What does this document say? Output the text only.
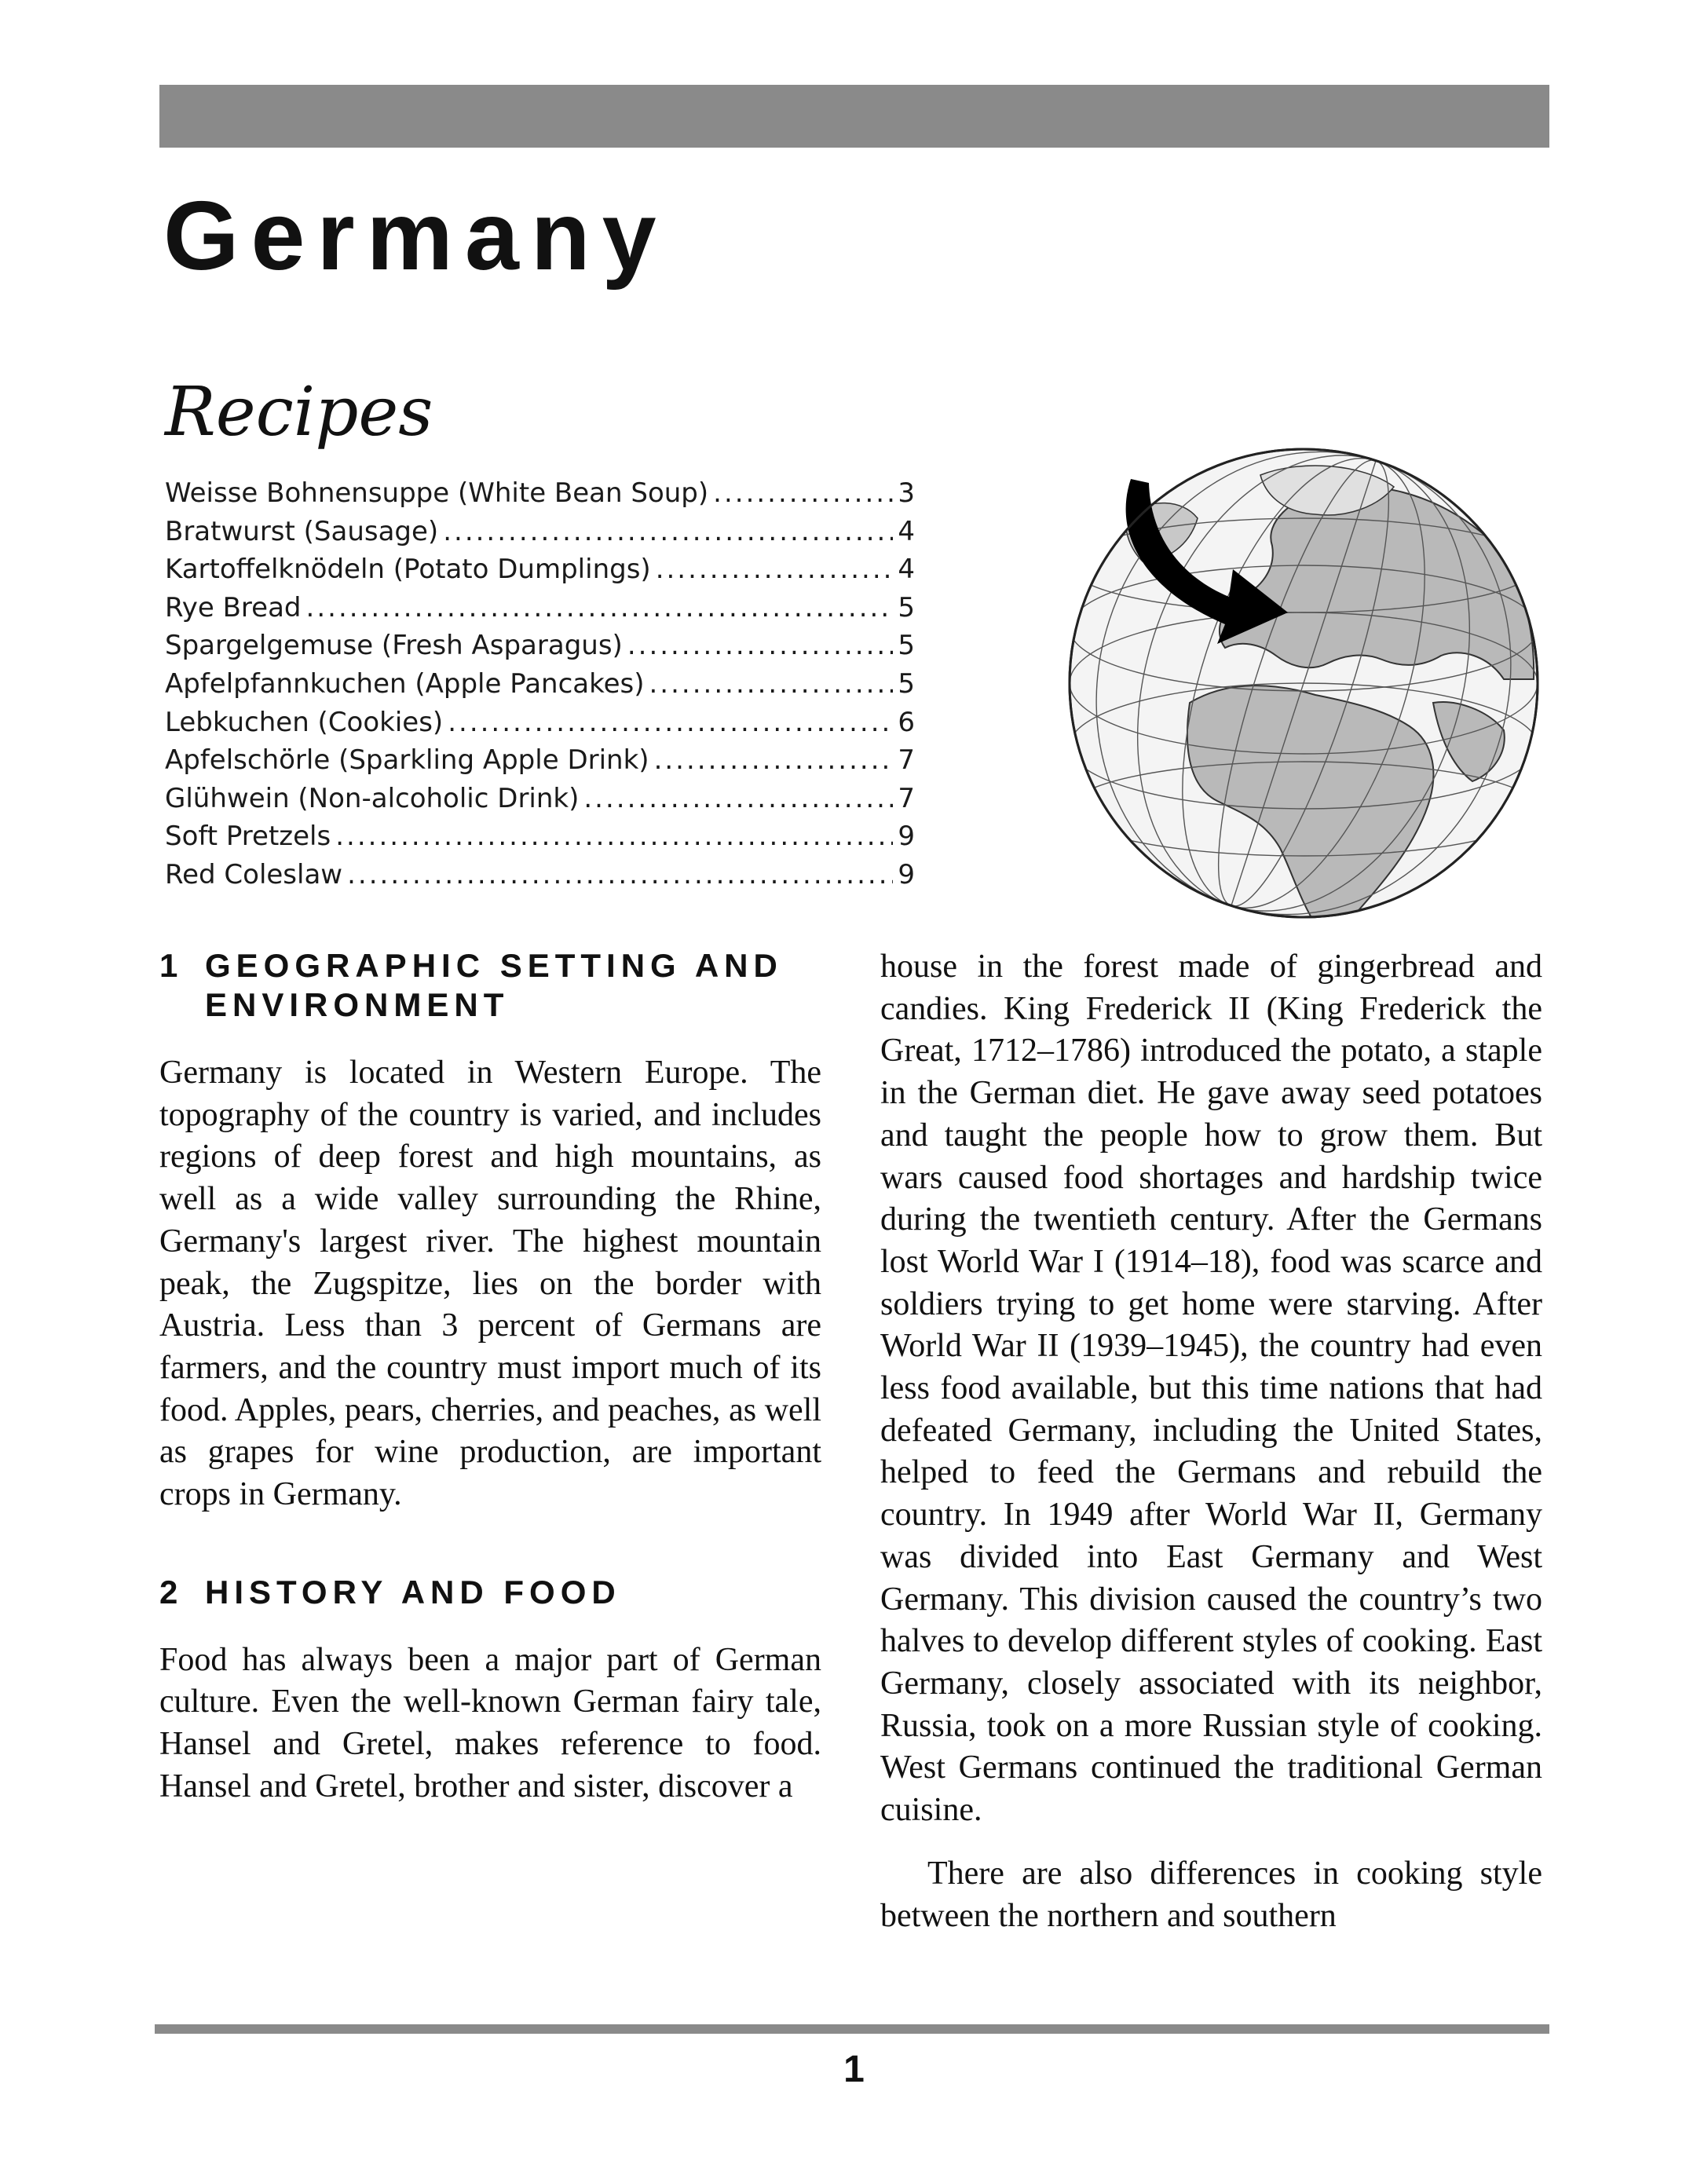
Germany
Recipes
Weisse Bohnensuppe (White Bean Soup) .....	3
Bratwurst (Sausage) .....	4
Kartoffelknödeln (Potato Dumplings) .....	4
Rye Bread .....	5
Spargelgemuse (Fresh Asparagus) .....	5
Apfelpfannkuchen (Apple Pancakes) .....	5
Lebkuchen (Cookies) .....	6
Apfelschörle (Sparkling Apple Drink) .....	7
Glühwein (Non-alcoholic Drink) .....	7
Soft Pretzels .....	9
Red Coleslaw .....	9
1 GEOGRAPHIC SETTING AND
ENVIRONMENT

Germany is located in Western Europe. The topography of the country is varied, and includes regions of deep forest and high mountains, as well as a wide valley surrounding the Rhine, Germany's largest river. The highest mountain peak, the Zugspitze, lies on the border with Austria. Less than 3 percent of Germans are farmers, and the country must import much of its food. Apples, pears, cherries, and peaches, as well as grapes for wine production, are important crops in Germany.

2 HISTORY AND FOOD

Food has always been a major part of German culture. Even the well-known German fairy tale, Hansel and Gretel, makes reference to food. Hansel and Gretel, brother and sister, discover a

house in the forest made of gingerbread and candies. King Frederick II (King Frederick the Great, 1712–1786) introduced the potato, a staple in the German diet. He gave away seed potatoes and taught the people how to grow them. But wars caused food shortages and hardship twice during the twentieth century. After the Germans lost World War I (1914–18), food was scarce and soldiers trying to get home were starving. After World War II (1939–1945), the country had even less food available, but this time nations that had defeated Germany, including the United States, helped to feed the Germans and rebuild the country. In 1949 after World War II, Germany was divided into East Germany and West Germany. This division caused the country’s two halves to develop different styles of cooking. East Germany, closely associated with its neighbor, Russia, took on a more Russian style of cooking. West Germans continued the traditional German cuisine.

There are also differences in cooking style between the northern and southern

1
